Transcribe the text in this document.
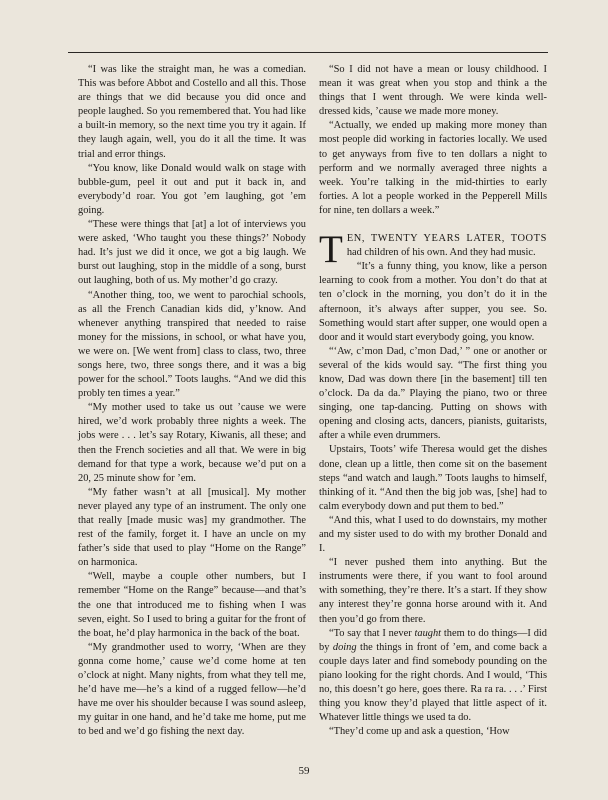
“I was like the straight man, he was a comedian. This was before Abbot and Costello and all this. Those are things that we did because you did once and people laughed. So you remembered that. You had like a built-in memory, so the next time you try it again. If they laugh again, well, you do it all the time. It was trial and error things.

“You know, like Donald would walk on stage with bubble-gum, peel it out and put it back in, and everybody’d roar. You got ’em laughing, got ’em going.

“These were things that [at] a lot of interviews you were asked, ‘Who taught you these things?’ Nobody had. It’s just we did it once, we got a big laugh. We burst out laughing, stop in the middle of a song, burst out laughing, both of us. My mother’d go crazy.

“Another thing, too, we went to parochial schools, as all the French Canadian kids did, y’know. And whenever anything transpired that needed to raise money for the missions, in school, or what have you, we were on. [We went from] class to class, two, three songs here, two, three songs there, and it was a big power for the school.” Toots laughs. “And we did this probly ten times a year.”

“My mother used to take us out ’cause we were hired, we’d work probably three nights a week. The jobs were . . . let’s say Rotary, Kiwanis, all these; and then the French societies and all that. We were in big demand for that type a work, because we’d put on a 20, 25 minute show for ’em.

“My father wasn’t at all [musical]. My mother never played any type of an instrument. The only one that really [made music was] my grandmother. The rest of the family, forget it. I have an uncle on my father’s side that used to play “Home on the Range” on harmonica.

“Well, maybe a couple other numbers, but I remember “Home on the Range” because—and that’s the one that introduced me to fishing when I was seven, eight. So I used to bring a guitar for the front of the boat, he’d play harmonica in the back of the boat.

“My grandmother used to worry, ‘When are they gonna come home,’ cause we’d come home at ten o’clock at night. Many nights, from what they tell me, he’d have me—he’s a kind of a rugged fellow—he’d have me over his shoulder because I was sound asleep, my guitar in one hand, and he’d take me home, put me to bed and we’d go fishing the next day.

“So I did not have a mean or lousy childhood. I mean it was great when you stop and think a the things that I went through. We were kinda well-dressed kids, ’cause we made more money.

“Actually, we ended up making more money than most people did working in factories locally. We used to get anyways from five to ten dollars a night to perform and we normally averaged three nights a week. You’re talking in the mid-thirties to early forties. A lot a people worked in the Pepperell Mills for nine, ten dollars a week.”

TEN, TWENTY YEARS LATER, TOOTS had children of his own. And they had music.

“It’s a funny thing, you know, like a person learning to cook from a mother. You don’t do that at ten o’clock in the morning, you don’t do it in the afternoon, it’s always after supper, you see. So. Something would start after supper, one would open a door and it would start everybody going, you know.

“‘Aw, c’mon Dad, c’mon Dad,’ ” one or another or several of the kids would say. “The first thing you know, Dad was down there [in the basement] till ten o’clock. Da da da.” Playing the piano, two or three singing, one tap-dancing. Putting on shows with opening and closing acts, dancers, pianists, guitarists, after a while even drummers.

Upstairs, Toots’ wife Theresa would get the dishes done, clean up a little, then come sit on the basement steps “and watch and laugh.” Toots laughs to himself, thinking of it. “And then the big job was, [she] had to calm everybody down and put them to bed.”

“And this, what I used to do downstairs, my mother and my sister used to do with my brother Donald and I.

“I never pushed them into anything. But the instruments were there, if you want to fool around with something, they’re there. It’s a start. If they show any interest they’re gonna horse around with it. And then you’d go from there.

“To say that I never taught them to do things—I did by doing the things in front of ’em, and come back a couple days later and find somebody pounding on the piano looking for the right chords. And I would, ‘This no, this doesn’t go here, goes there. Ra ra ra. . . .’ First thing you know they’d played that little aspect of it. Whatever little things we used ta do.

“They’d come up and ask a question, ‘How

59
